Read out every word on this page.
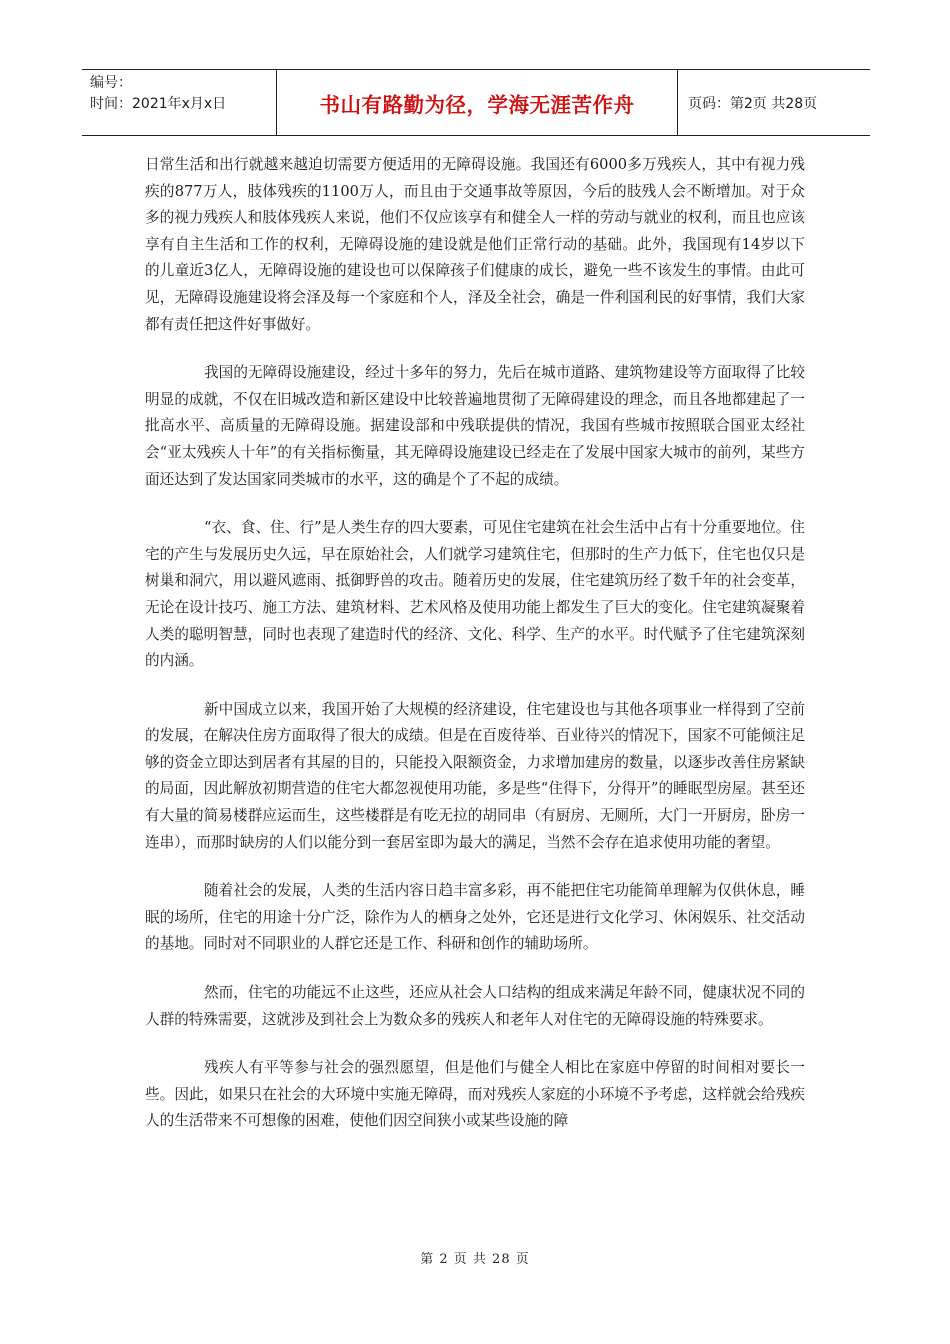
编号：
时间：2021年x月x日	书山有路勤为径，学海无涯苦作舟	页码：第2页 共28页

日常生活和出行就越来越迫切需要方便适用的无障碍设施。我国还有6000多万残疾人，其中有视力残疾的877万人，肢体残疾的1100万人，而且由于交通事故等原因，今后的肢残人会不断增加。对于众多的视力残疾人和肢体残疾人来说，他们不仅应该享有和健全人一样的劳动与就业的权利，而且也应该享有自主生活和工作的权利，无障碍设施的建设就是他们正常行动的基础。此外，我国现有14岁以下的儿童近3亿人，无障碍设施的建设也可以保障孩子们健康的成长，避免一些不该发生的事情。由此可见，无障碍设施建设将会泽及每一个家庭和个人，泽及全社会，确是一件利国利民的好事情，我们大家都有责任把这件好事做好。

我国的无障碍设施建设，经过十多年的努力，先后在城市道路、建筑物建设等方面取得了比较明显的成就，不仅在旧城改造和新区建设中比较普遍地贯彻了无障碍建设的理念，而且各地都建起了一批高水平、高质量的无障碍设施。据建设部和中残联提供的情况，我国有些城市按照联合国亚太经社会“亚太残疾人十年”的有关指标衡量，其无障碍设施建设已经走在了发展中国家大城市的前列，某些方面还达到了发达国家同类城市的水平，这的确是个了不起的成绩。

“衣、食、住、行”是人类生存的四大要素，可见住宅建筑在社会生活中占有十分重要地位。住宅的产生与发展历史久远，早在原始社会，人们就学习建筑住宅，但那时的生产力低下，住宅也仅只是树巢和洞穴，用以避风遮雨、抵御野兽的攻击。随着历史的发展，住宅建筑历经了数千年的社会变革，无论在设计技巧、施工方法、建筑材料、艺术风格及使用功能上都发生了巨大的变化。住宅建筑凝聚着人类的聪明智慧，同时也表现了建造时代的经济、文化、科学、生产的水平。时代赋予了住宅建筑深刻的内涵。

新中国成立以来，我国开始了大规模的经济建设，住宅建设也与其他各项事业一样得到了空前的发展，在解决住房方面取得了很大的成绩。但是在百废待举、百业待兴的情况下，国家不可能倾注足够的资金立即达到居者有其屋的目的，只能投入限额资金，力求增加建房的数量，以逐步改善住房紧缺的局面，因此解放初期营造的住宅大都忽视使用功能，多是些“住得下，分得开”的睡眠型房屋。甚至还有大量的简易楼群应运而生，这些楼群是有吃无拉的胡同串（有厨房、无厕所，大门一开厨房，卧房一连串），而那时缺房的人们以能分到一套居室即为最大的满足，当然不会存在追求使用功能的奢望。

随着社会的发展，人类的生活内容日趋丰富多彩，再不能把住宅功能简单理解为仅供休息，睡眠的场所，住宅的用途十分广泛，除作为人的栖身之处外，它还是进行文化学习、休闲娱乐、社交活动的基地。同时对不同职业的人群它还是工作、科研和创作的辅助场所。

然而，住宅的功能远不止这些，还应从社会人口结构的组成来满足年龄不同，健康状况不同的人群的特殊需要，这就涉及到社会上为数众多的残疾人和老年人对住宅的无障碍设施的特殊要求。

残疾人有平等参与社会的强烈愿望，但是他们与健全人相比在家庭中停留的时间相对要长一些。因此，如果只在社会的大环境中实施无障碍，而对残疾人家庭的小环境不予考虑，这样就会给残疾人的生活带来不可想像的困难，使他们因空间狭小或某些设施的障

第 2 页 共 28 页
